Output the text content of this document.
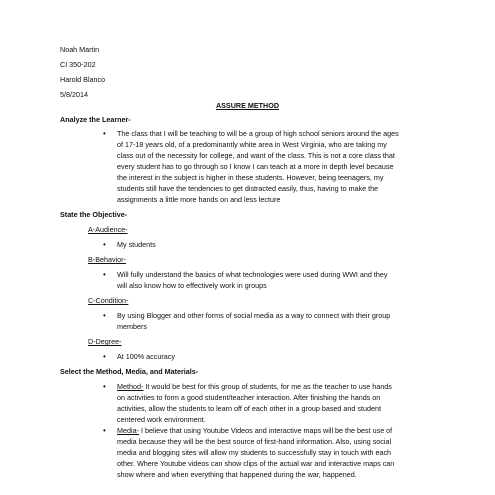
Noah Martin
CI 350-202
Harold Blanco
5/8/2014
ASSURE METHOD
Analyze the Learner-
• The class that I will be teaching to will be a group of high school seniors around the ages
of 17-18 years old, of a predominantly white area in West Virginia, who are taking my
class out of the necessity for college, and want of the class. This is not a core class that
every student has to go through so I know I can teach at a more in depth level because
the interest in the subject is higher in these students. However, being teenagers, my
students still have the tendencies to get distracted easily, thus, having to make the
assignments a little more hands on and less lecture
State the Objective-
A-Audience-
• My students
B-Behavior-
• Will fully understand the basics of what technologies were used during WWI and they
will also know how to effectively work in groups
C-Condition-
• By using Blogger and other forms of social media as a way to connect with their group
members
D-Degree-
• At 100% accuracy
Select the Method, Media, and Materials-
• Method- It would be best for this group of students, for me as the teacher to use hands
on activities to form a good student/teacher interaction. After finishing the hands on
activities, allow the students to learn off of each other in a group based and student
centered work environment.
• Media- I believe that using Youtube Videos and interactive maps will be the best use of
media because they will be the best source of first-hand information. Also, using social
media and blogging sites will allow my students to successfully stay in touch with each
other. Where Youtube videos can show clips of the actual war and interactive maps can
show where and when everything that happened during the war, happened.
